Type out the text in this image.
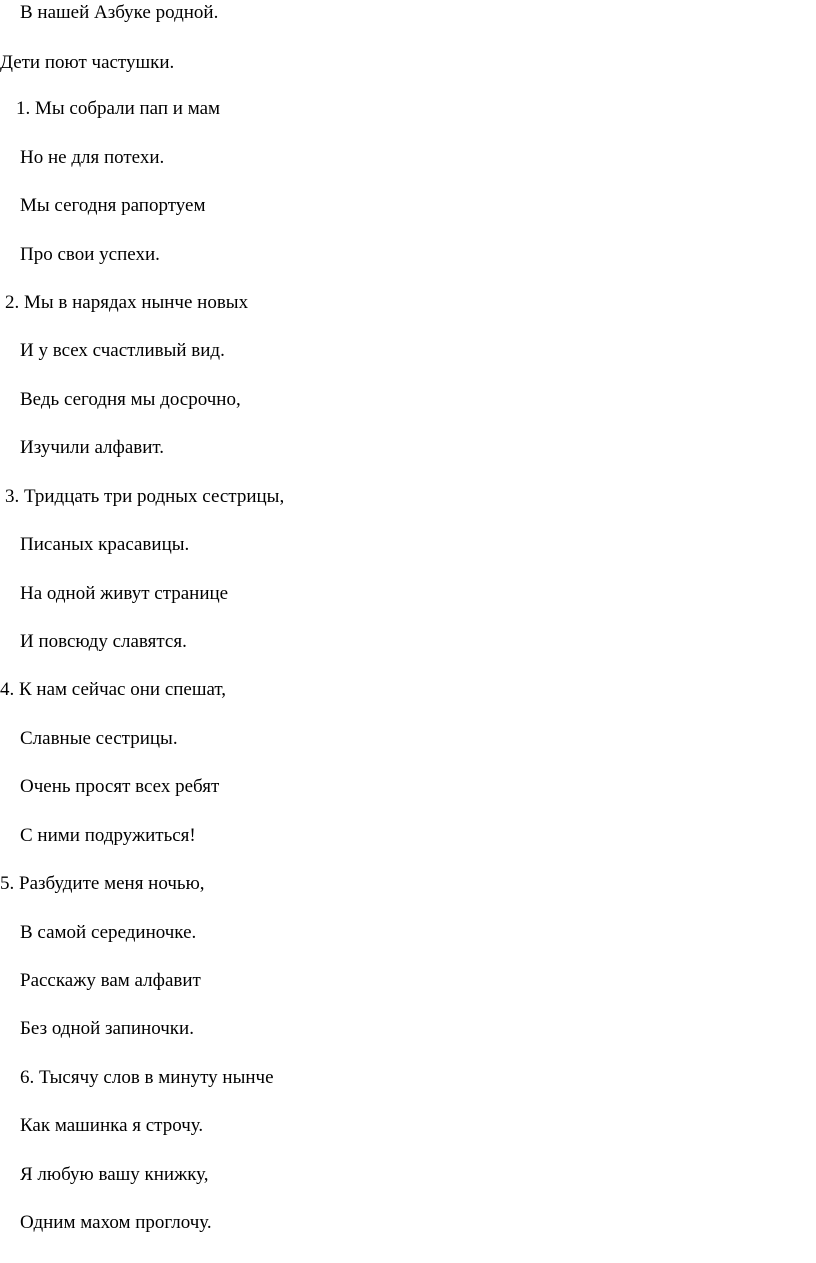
В нашей Азбуке родной.
Дети поют частушки.
1. Мы собрали пап и мам
Но не для потехи.
Мы сегодня рапортуем
Про свои успехи.
2. Мы в нарядах нынче новых
И у всех счастливый вид.
Ведь сегодня мы досрочно,
Изучили алфавит.
3. Тридцать три родных сестрицы,
Писаных красавицы.
На одной живут странице
И повсюду славятся.
4. К нам сейчас они спешат,
Славные сестрицы.
Очень просят всех ребят
С ними подружиться!
5. Разбудите меня ночью,
В самой серединочке.
Расскажу вам алфавит
Без одной запиночки.
6. Тысячу слов в минуту нынче
Как машинка я строчу.
Я любую вашу книжку,
Одним махом проглочу.
